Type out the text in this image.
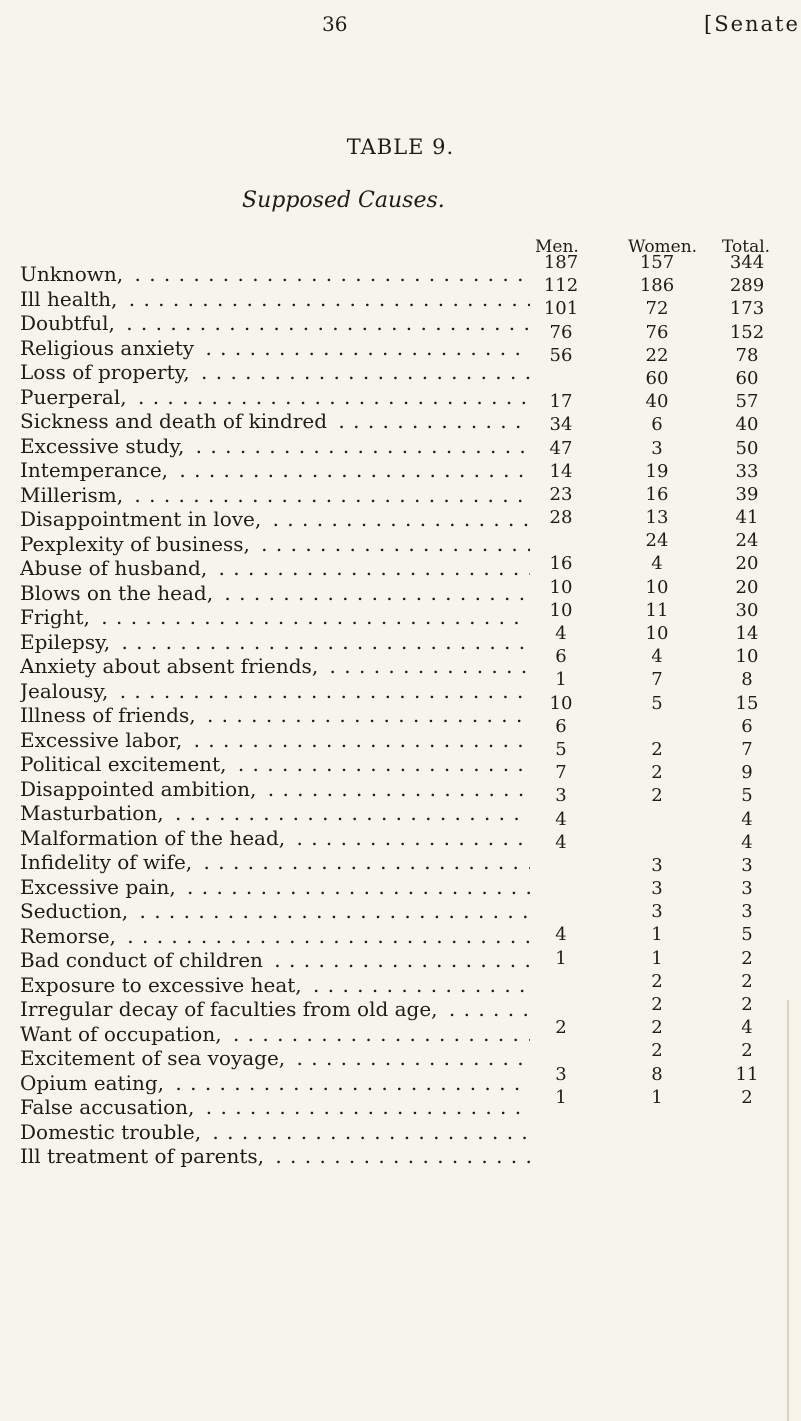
36	[Senate
TABLE 9.
Supposed Causes.
Men.	Women. Total.
Unknown, . . .
Ill health, . . .
Doubtful, . . .
Religious anxiety . . .
Loss of property, . . .
Puerperal, . . .
Sickness and death of kindred . . .
Excessive study, . . .
Intemperance, . . .
Millerism, . . .
Disappointment in love, . . .
Pexplexity of business, . . .
Abuse of husband, . . .
Blows on the head, . . .
Fright, . . .
Epilepsy, . . .
Anxiety about absent friends, . . .
Jealousy, . . .
Illness of friends, . . .
Excessive labor, . . .
Political excitement, . . .
Disappointed ambition, . . .
Masturbation, . . .
Malformation of the head, . . .
Infidelity of wife, . . .
Excessive pain, . . .
Seduction, . . .
Remorse, . . .
Bad conduct of children . . .
Exposure to excessive heat, . . .
Irregular decay of faculties from old age, . . .
Want of occupation, . . .
Excitement of sea voyage, . . .
Opium eating, . . .
False accusation, . . .
Domestic trouble, . . .
Ill treatment of parents, . . .
187
112
101
76
56
17
34
47
14
23
28
16
10
10
4
6
1
10
6
5
7
3
4
4
4
1
2
3
1
157
186
72
76
22
60
40
6
3
19
16
13
24
4
10
11
10
4
7
5
2
2
2
3
3
3
1
1
2
2
2
2
8
1
344
289
173
152
78
60
57
40
50
33
39
41
24
20
20
30
14
10
8
15
6
7
9
5
4
4
3
3
3
5
2
2
2
4
2
11
2
